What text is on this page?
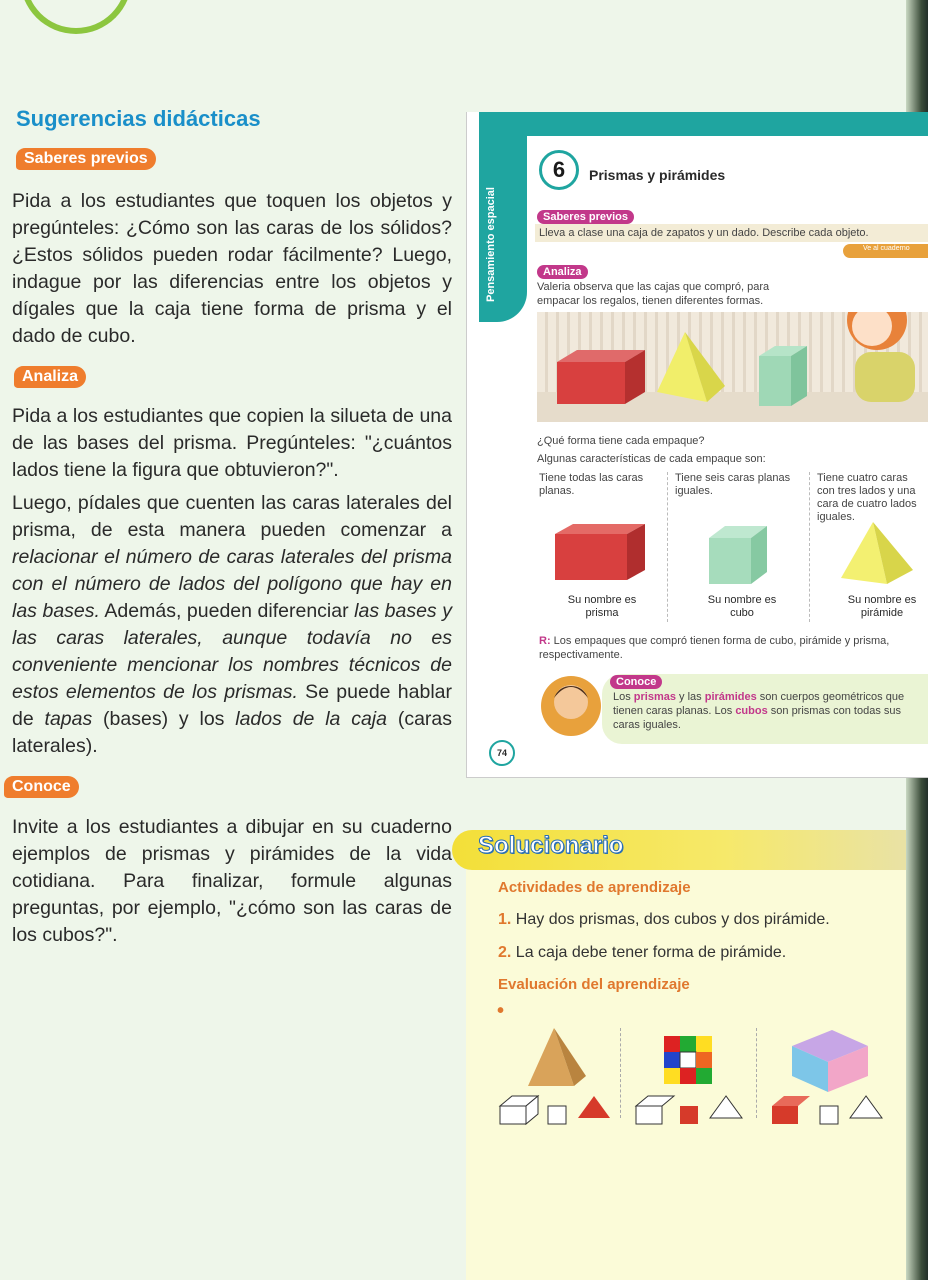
Sugerencias didácticas
Saberes previos
Pida a los estudiantes que toquen los objetos y pregúnteles: ¿Cómo son las caras de los sólidos? ¿Estos sólidos pueden rodar fácilmente? Luego, indague por las diferencias entre los objetos y dígales que la caja tiene forma de prisma y el dado de cubo.
Analiza
Pida a los estudiantes que copien la silueta de una de las bases del prisma. Pregúnteles: "¿cuántos lados tiene la figura que obtuvieron?".
Luego, pídales que cuenten las caras laterales del prisma, de esta manera pueden comenzar a relacionar el número de caras laterales del prisma con el número de lados del polígono que hay en las bases. Además, pueden diferenciar las bases y las caras laterales, aunque todavía no es conveniente mencionar los nombres técnicos de estos elementos de los prismas. Se puede hablar de tapas (bases) y los lados de la caja (caras laterales).
Conoce
Invite a los estudiantes a dibujar en su cuaderno ejemplos de prismas y pirámides de la vida cotidiana. Para finalizar, formule algunas preguntas, por ejemplo, "¿cómo son las caras de los cubos?".
Pensamiento espacial
6	Prismas y pirámides
Saberes previos
Lleva a clase una caja de zapatos y un dado. Describe cada objeto.
Ve al cuaderno
Analiza
Valeria observa que las cajas que compró, para empacar los regalos, tienen diferentes formas.
¿Qué forma tiene cada empaque?
Algunas características de cada empaque son:
Tiene todas las caras planas.
Tiene seis caras planas iguales.
Tiene cuatro caras con tres lados y una cara de cuatro lados iguales.
Su nombre es prisma
Su nombre es cubo
Su nombre es pirámide
R: Los empaques que compró tienen forma de cubo, pirámide y prisma, respectivamente.
Conoce
Los prismas y las pirámides son cuerpos geométricos que tienen caras planas. Los cubos son prismas con todas sus caras iguales.
74
Solucionario
Actividades de aprendizaje
1. Hay dos prismas, dos cubos y dos pirámide.
2. La caja debe tener forma de pirámide.
Evaluación del aprendizaje
•
